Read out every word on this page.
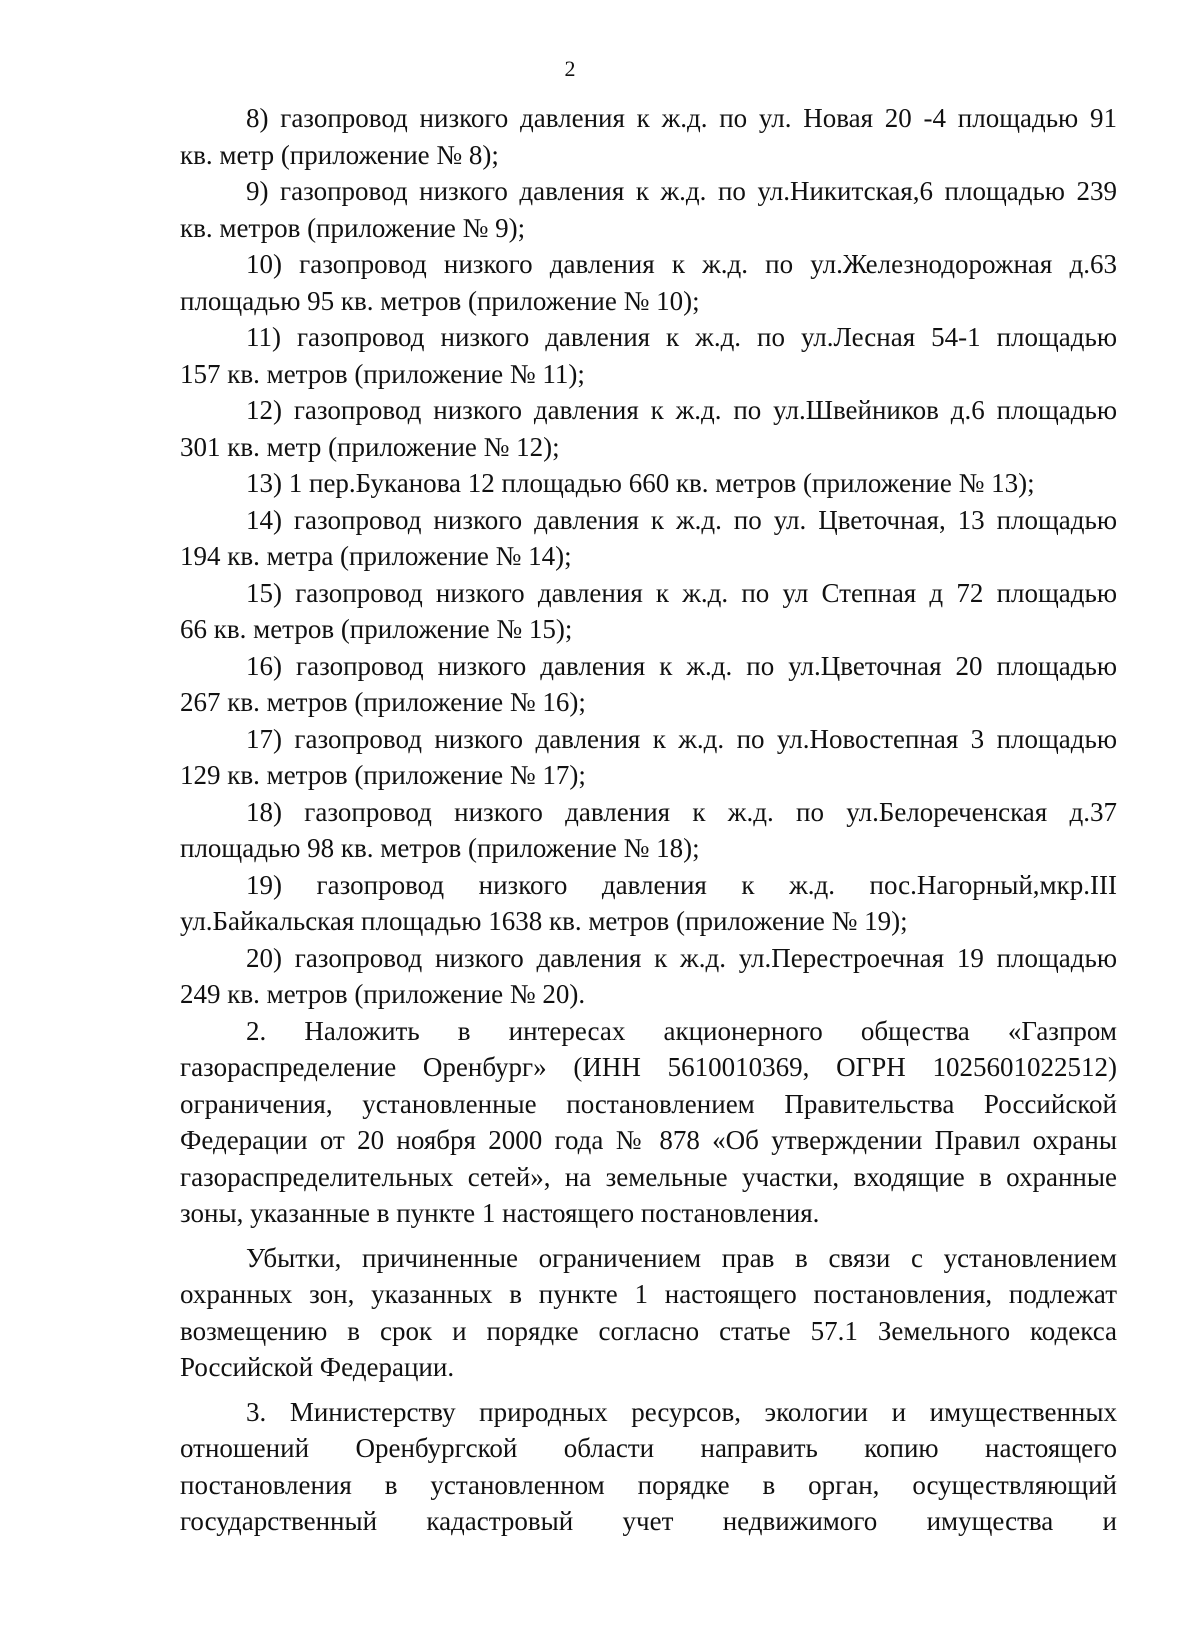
2
8) газопровод низкого давления к ж.д. по ул. Новая 20 -4 площадью 91
кв. метр (приложение № 8);
9) газопровод низкого давления к ж.д. по ул.Никитская,6 площадью 239
кв. метров (приложение № 9);
10) газопровод низкого давления к ж.д. по ул.Железнодорожная д.63
площадью 95 кв. метров (приложение № 10);
11) газопровод низкого давления к ж.д. по ул.Лесная 54-1 площадью
157 кв. метров (приложение № 11);
12) газопровод низкого давления к ж.д. по ул.Швейников д.6 площадью
301 кв. метр (приложение № 12);
13) 1 пер.Буканова 12 площадью 660 кв. метров (приложение № 13);
14) газопровод низкого давления к ж.д. по ул. Цветочная, 13 площадью
194 кв. метра (приложение № 14);
15) газопровод низкого давления к ж.д. по ул Степная д 72 площадью
66 кв. метров (приложение № 15);
16) газопровод низкого давления к ж.д. по ул.Цветочная 20 площадью
267 кв. метров (приложение № 16);
17) газопровод низкого давления к ж.д. по ул.Новостепная 3 площадью
129 кв. метров (приложение № 17);
18) газопровод низкого давления к ж.д. по ул.Белореченская д.37
площадью 98 кв. метров (приложение № 18);
19) газопровод низкого давления к ж.д. пос.Нагорный,мкр.III
ул.Байкальская площадью 1638 кв. метров (приложение № 19);
20) газопровод низкого давления к ж.д. ул.Перестроечная 19 площадью
249 кв. метров (приложение № 20).
2. Наложить в интересах акционерного общества «Газпром
газораспределение Оренбург» (ИНН 5610010369, ОГРН 1025601022512)
ограничения, установленные постановлением Правительства Российской
Федерации от 20 ноября 2000 года № 878 «Об утверждении Правил охраны
газораспределительных сетей», на земельные участки, входящие в охранные
зоны, указанные в пункте 1 настоящего постановления.
Убытки, причиненные ограничением прав в связи с установлением
охранных зон, указанных в пункте 1 настоящего постановления, подлежат
возмещению в срок и порядке согласно статье 57.1 Земельного кодекса
Российской Федерации.
3. Министерству природных ресурсов, экологии и имущественных
отношений Оренбургской области направить копию настоящего
постановления в установленном порядке в орган, осуществляющий
государственный кадастровый учет недвижимого имущества и
